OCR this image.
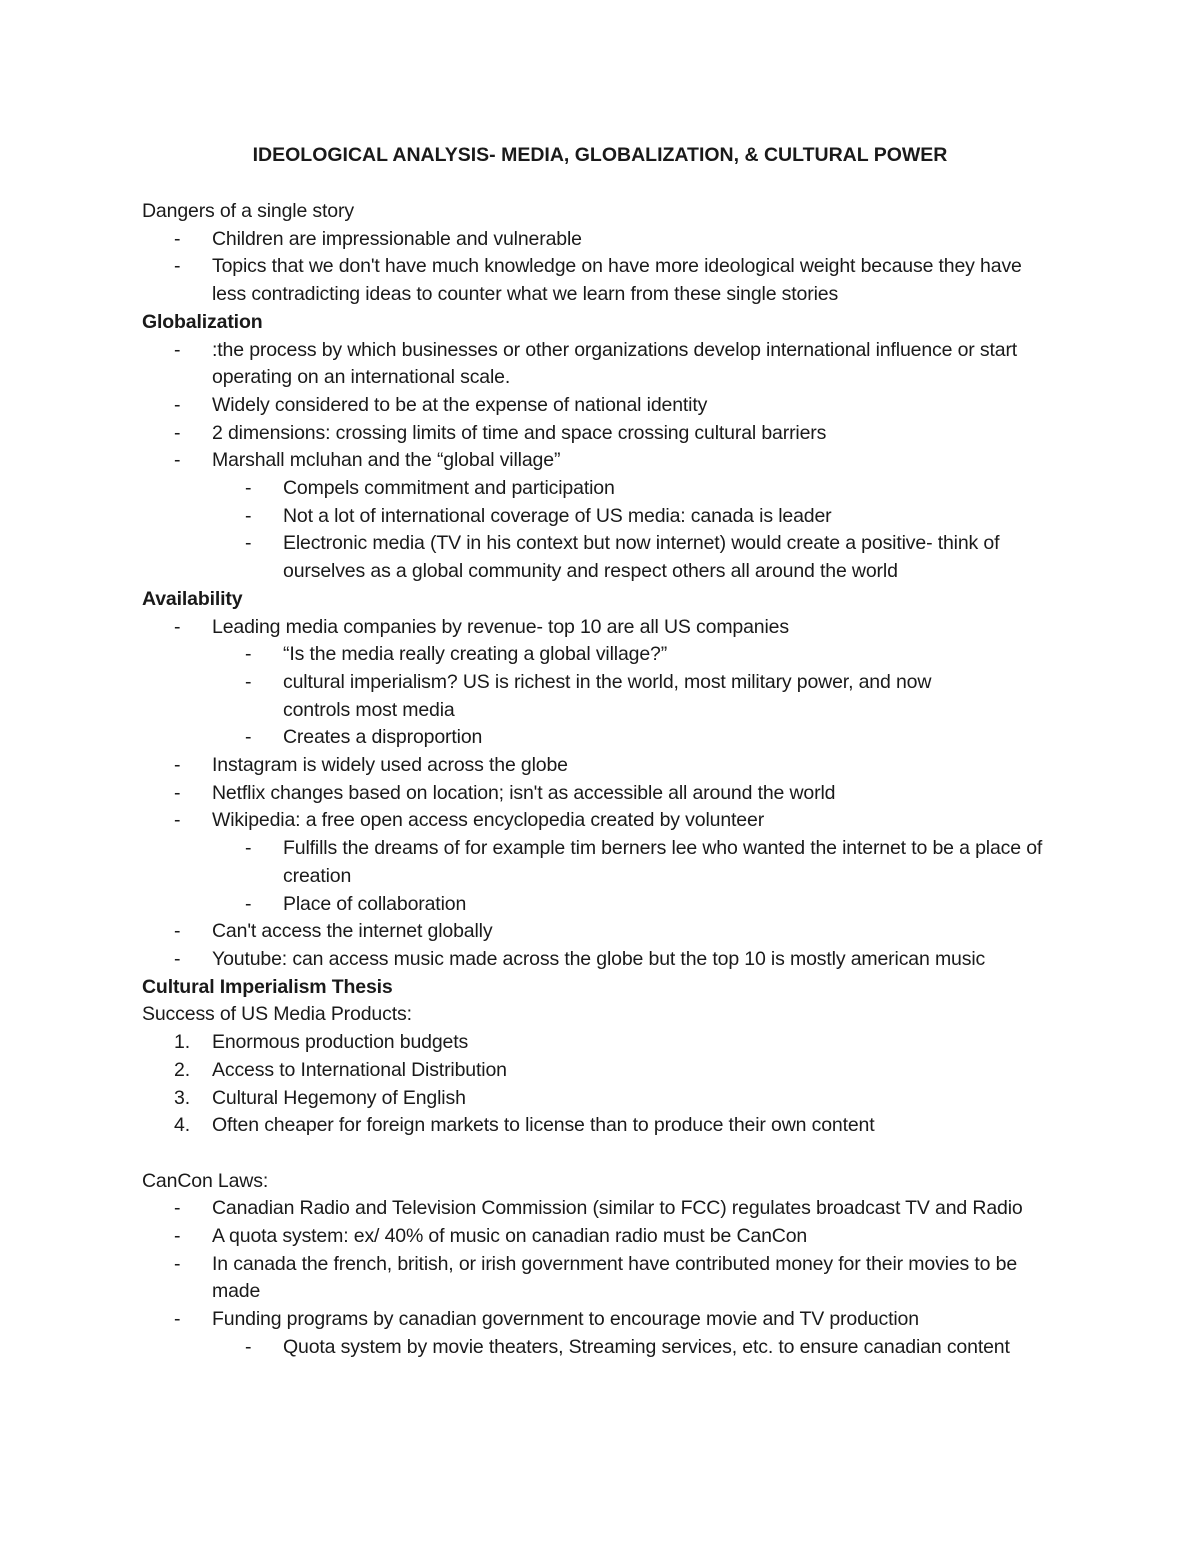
IDEOLOGICAL ANALYSIS- MEDIA, GLOBALIZATION, & CULTURAL POWER
Dangers of a single story
- Children are impressionable and vulnerable
- Topics that we don't have much knowledge on have more ideological weight because they have less contradicting ideas to counter what we learn from these single stories
Globalization
- :the process by which businesses or other organizations develop international influence or start operating on an international scale.
- Widely considered to be at the expense of national identity
- 2 dimensions: crossing limits of time and space crossing cultural barriers
- Marshall mcluhan and the “global village”
- Compels commitment and participation
- Not a lot of international coverage of US media: canada is leader
- Electronic media (TV in his context but now internet) would create a positive- think of ourselves as a global community and respect others all around the world
Availability
- Leading media companies by revenue- top 10 are all US companies
- “Is the media really creating a global village?”
- cultural imperialism? US is richest in the world, most military power, and now controls most media
- Creates a disproportion
- Instagram is widely used across the globe
- Netflix changes based on location; isn't as accessible all around the world
- Wikipedia: a free open access encyclopedia created by volunteer
- Fulfills the dreams of for example tim berners lee who wanted the internet to be a place of creation
- Place of collaboration
- Can't access the internet globally
- Youtube: can access music made across the globe but the top 10 is mostly american music
Cultural Imperialism Thesis
Success of US Media Products:
1. Enormous production budgets
2. Access to International Distribution
3. Cultural Hegemony of English
4. Often cheaper for foreign markets to license than to produce their own content
CanCon Laws:
- Canadian Radio and Television Commission (similar to FCC) regulates broadcast TV and Radio
- A quota system: ex/ 40% of music on canadian radio must be CanCon
- In canada the french, british, or irish government have contributed money for their movies to be made
- Funding programs by canadian government to encourage movie and TV production
- Quota system by movie theaters, Streaming services, etc. to ensure canadian content
